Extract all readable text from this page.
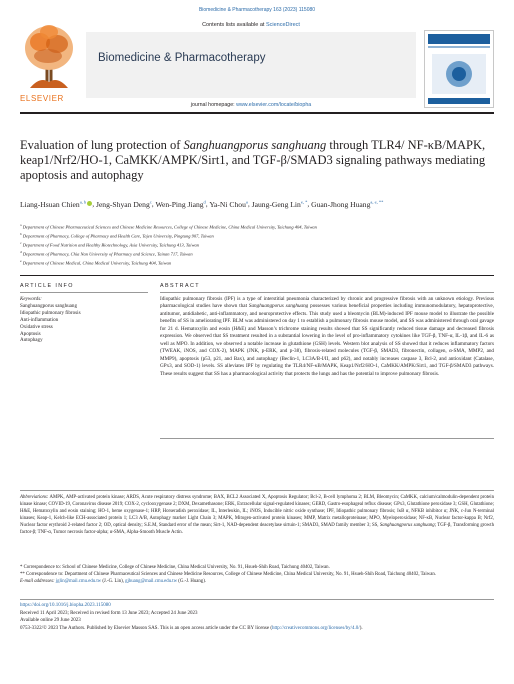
Biomedicine & Pharmacotherapy 163 (2023) 115080
ELSEVIER
Contents lists available at ScienceDirect
Biomedicine & Pharmacotherapy
journal homepage: www.elsevier.com/locate/biopha
Evaluation of lung protection of Sanghuangporus sanghuang through TLR4/ NF-κB/MAPK, keap1/Nrf2/HO-1, CaMKK/AMPK/Sirt1, and TGF-β/SMAD3 signaling pathways mediating apoptosis and autophagy
Liang-Hsuan Chien$^{a, b}$ , Jeng-Shyan Deng$^c$, Wen-Ping Jiang$^d$, Ya-Ni Chou$^a$, Jaung-Geng Lin$^{e, *}$, Guan-Jhong Huang$^{a, e, **}$
$^a$ Department of Chinese Pharmaceutical Sciences and Chinese Medicine Resources, College of Chinese Medicine, China Medical University, Taichung 404, Taiwan
$^b$ Department of Pharmacy, College of Pharmacy and Health Care, Tajen University, Pingtung 907, Taiwan
$^c$ Department of Food Nutrition and Healthy Biotechnology, Asia University, Taichung 413, Taiwan
$^d$ Department of Pharmacy, Chia Nan University of Pharmacy and Science, Tainan 717, Taiwan
$^e$ Department of Chinese Medical, China Medical University, Taichung 404, Taiwan
ARTICLE INFO	ABSTRACT
Keywords:
Sanghuangporus sanghuang
Idiopathic pulmonary fibrosis
Anti-inflammation
Oxidative stress
Apoptosis
Autophagy
Idiopathic pulmonary fibrosis (IPF) is a type of interstitial pneumonia characterized by chronic and progressive fibrosis with an unknown etiology. Previous pharmacological studies have shown that Sanghuangporus sanghuang possesses various beneficial properties including immunomodulatory, hepatoprotective, antitumor, antidiabetic, anti-inflammatory, and neuroprotective effects. This study used a bleomycin (BLM)-induced IPF mouse model to illustrate the possible benefits of SS in ameliorating IPF. BLM was administered on day 1 to establish a pulmonary fibrosis mouse model, and SS was administered through oral gavage for 21 d. Hematoxylin and eosin (H&E) and Masson’s trichrome staining results showed that SS significantly reduced tissue damage and decreased fibrosis expression. We observed that SS treatment resulted in a substantial lowering in the level of pro-inflammatory cytokines like TGF-β, TNF-α, IL-1β, and IL-6 as well as MPO. In addition, we observed a notable increase in glutathione (GSH) levels. Western blot analysis of SS showed that it reduces inflammatory factors (TWEAK, iNOS, and COX-2), MAPK (JNK, p-ERK, and p-38), fibrosis-related molecules (TGF-β, SMAD3, fibronectin, collagen, α-SMA, MMP2, and MMP9), apoptosis (p53, p21, and Bax), and autophagy (Beclin-1, LC3A/B-I/II, and p62), and notably increases caspase 3, Bcl-2, and antioxidant (Catalase, GPx3, and SOD-1) levels. SS alleviates IPF by regulating the TLR4/NF-κB/MAPK, Keap1/Nrf2/HO-1, CaMKK/AMPK/Sirt1, and TGF-β/SMAD3 pathways. These results suggest that SS has a pharmacological activity that protects the lungs and has the potential to improve pulmonary fibrosis.
Abbreviations: AMPK, AMP-activated protein kinase; ARDS, Acute respiratory distress syndrome; BAX, BCL2 Associated X, Apoptosis Regulator; Bcl-2, B-cell lymphoma 2; BLM, Bleomycin; CaMKK, calcium/calmodulin-dependent protein kinase kinase; COVID-19, Coronavirus disease 2019; COX-2, cyclooxygenase 2; DXM, Dexamethasone; ERK, Extracellular signal-regulated kinases; GERD, Gastro-esophageal reflux disease; GPx3, Glutathione peroxidase 3; GSH, Glutathione; H&E, Hematoxylin and eosin staining; HO-1, heme oxygenase-1; HRP, Horseradish peroxidase; IL, Interleukin, IL; iNOS, Inducible nitric oxide synthase; IPF, Idiopathic pulmonary fibrosis; IκB α, NFKB inhibitor α; JNK, c-Jun N-terminal kinases; Keap-1, Kelch-like ECH-associated protein 1; LC3 A/B, Autophagy marker Light Chain 3; MAPK, Mitogen-activated protein kinases; MMP, Matrix metalloproteinase; MPO, Myeloperoxidase; NF-κB, Nuclear factor-kappa B; Nrf2, Nuclear factor erythroid 2-related factor 2; OD, optical density; S.E.M, Standard error of the mean; Sirt-1, NAD-dependent deacetylase sirtuin-1; SMAD3, SMAD family member 3; SS, Sanghuangporus sanghuang; TGF-β, Transforming growth factor-β; TNF-α, Tumor necrosis factor-alpha; α-SMA, Alpha-Smooth Muscle Actin.
* Correspondence to: School of Chinese Medicine, College of Chinese Medicine, China Medical University, No. 91, Hsueh-Shih Road, Taichung 40402, Taiwan.
** Correspondence to: Department of Chinese Pharmaceutical Sciences and Chinese Medicine Resources, College of Chinese Medicine, China Medical University, No. 91, Hsueh-Shih Road, Taichung 40402, Taiwan.
E-mail addresses: jglin@mail.cmu.edu.tw (J.-G. Lin), gjhuang@mail.cmu.edu.tw (G.-J. Huang).
https://doi.org/10.1016/j.biopha.2023.115080
Received 11 April 2023; Received in revised form 13 June 2023; Accepted 24 June 2023
Available online 29 June 2023
0753-3322/© 2023 The Authors. Published by Elsevier Masson SAS. This is an open access article under the CC BY license (http://creativecommons.org/licenses/by/4.0/).
